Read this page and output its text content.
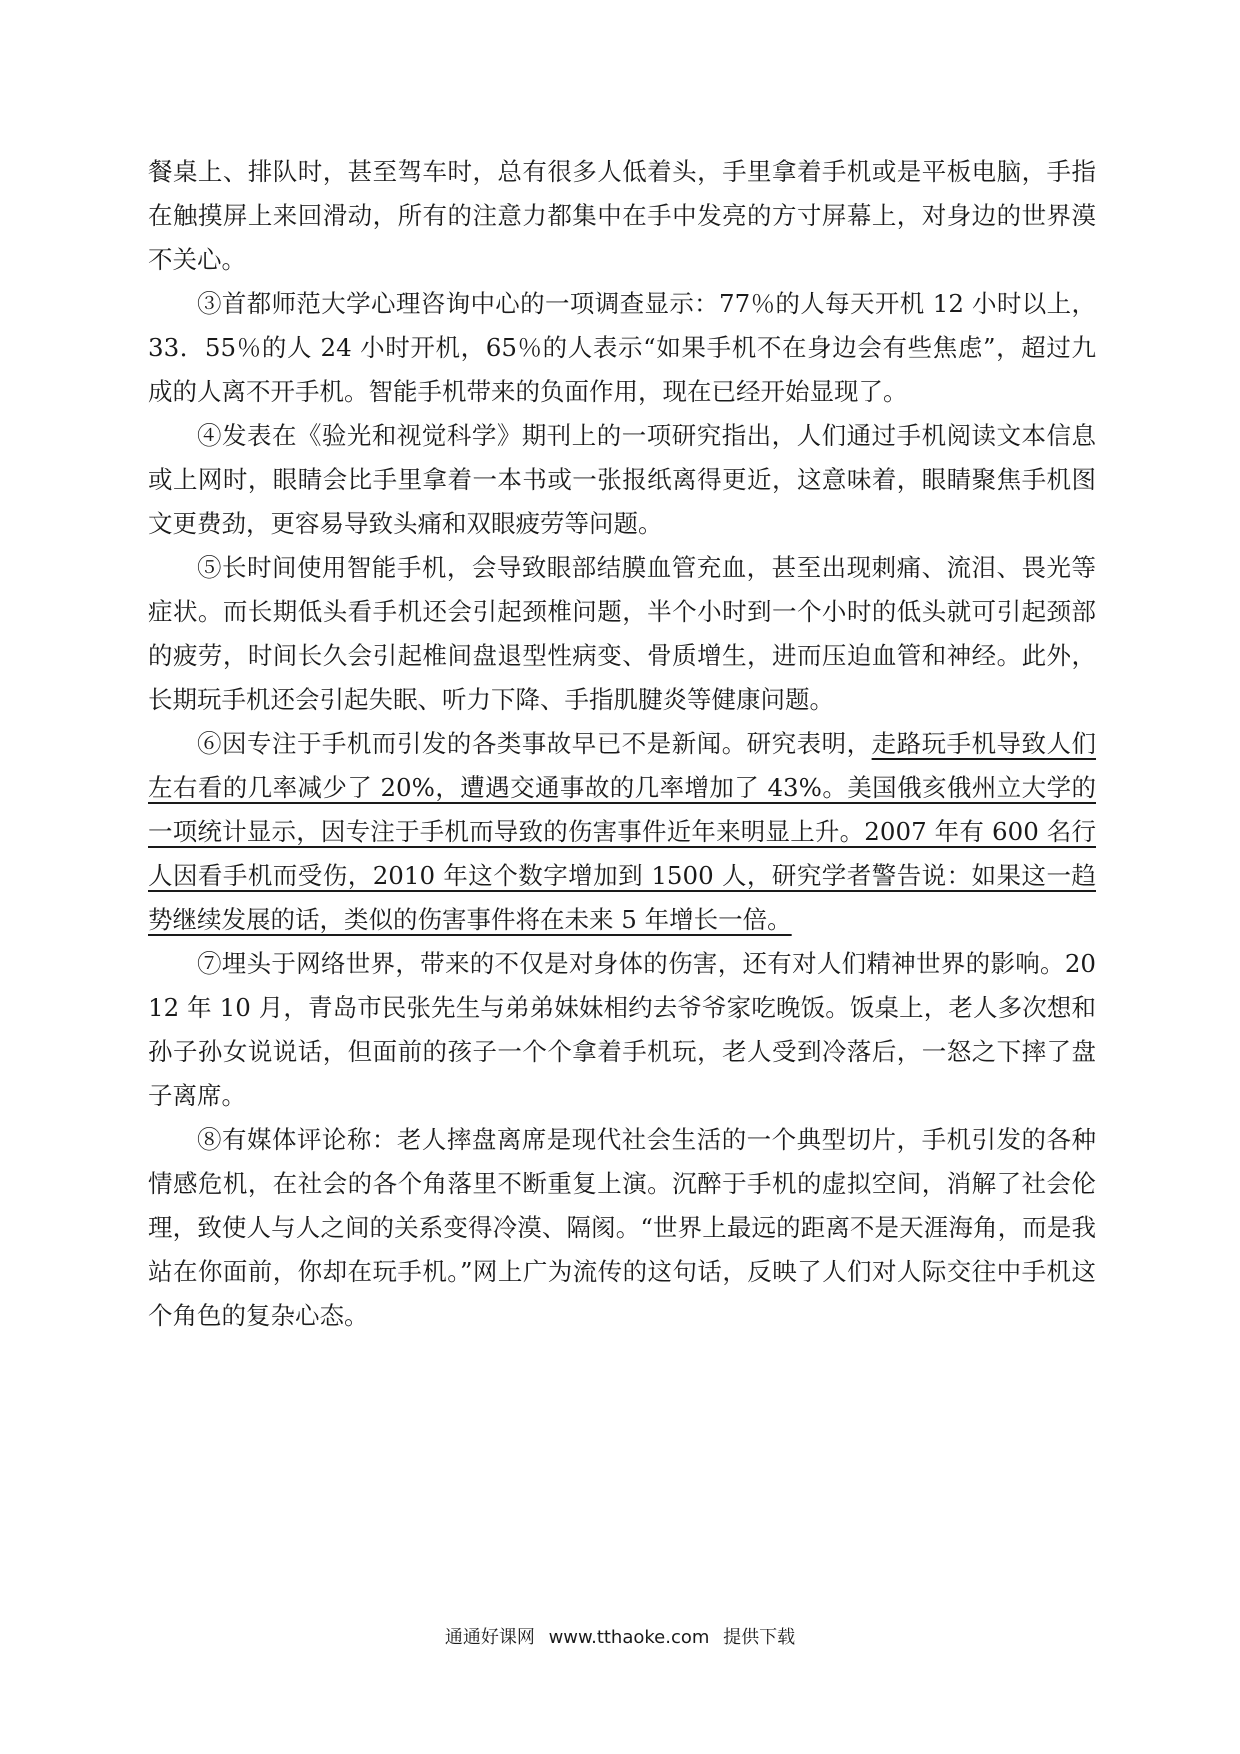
餐桌上、排队时，甚至驾车时，总有很多人低着头，手里拿着手机或是平板电脑，手指在触摸屏上来回滑动，所有的注意力都集中在手中发亮的方寸屏幕上，对身边的世界漠不关心。

③首都师范大学心理咨询中心的一项调查显示：77％的人每天开机 12 小时以上，33．55％的人 24 小时开机，65％的人表示“如果手机不在身边会有些焦虑”，超过九成的人离不开手机。智能手机带来的负面作用，现在已经开始显现了。

④发表在《验光和视觉科学》期刊上的一项研究指出，人们通过手机阅读文本信息或上网时，眼睛会比手里拿着一本书或一张报纸离得更近，这意味着，眼睛聚焦手机图文更费劲，更容易导致头痛和双眼疲劳等问题。

⑤长时间使用智能手机，会导致眼部结膜血管充血，甚至出现刺痛、流泪、畏光等症状。而长期低头看手机还会引起颈椎问题，半个小时到一个小时的低头就可引起颈部的疲劳，时间长久会引起椎间盘退型性病变、骨质增生，进而压迫血管和神经。此外，长期玩手机还会引起失眠、听力下降、手指肌腱炎等健康问题。

⑥因专注于手机而引发的各类事故早已不是新闻。研究表明，走路玩手机导致人们左右看的几率减少了 20%，遭遇交通事故的几率增加了 43%。美国俄亥俄州立大学的一项统计显示，因专注于手机而导致的伤害事件近年来明显上升。2007 年有 600 名行人因看手机而受伤，2010 年这个数字增加到 1500 人，研究学者警告说：如果这一趋势继续发展的话，类似的伤害事件将在未来 5 年增长一倍。

⑦埋头于网络世界，带来的不仅是对身体的伤害，还有对人们精神世界的影响。2012 年 10 月，青岛市民张先生与弟弟妹妹相约去爷爷家吃晚饭。饭桌上，老人多次想和孙子孙女说说话，但面前的孩子一个个拿着手机玩，老人受到冷落后，一怒之下摔了盘子离席。

⑧有媒体评论称：老人摔盘离席是现代社会生活的一个典型切片，手机引发的各种情感危机，在社会的各个角落里不断重复上演。沉醉于手机的虚拟空间，消解了社会伦理，致使人与人之间的关系变得冷漠、隔阂。“世界上最远的距离不是天涯海角，而是我站在你面前，你却在玩手机。”网上广为流传的这句话，反映了人们对人际交往中手机这个角色的复杂心态。

通通好课网 www.tthaoke.com 提供下载
